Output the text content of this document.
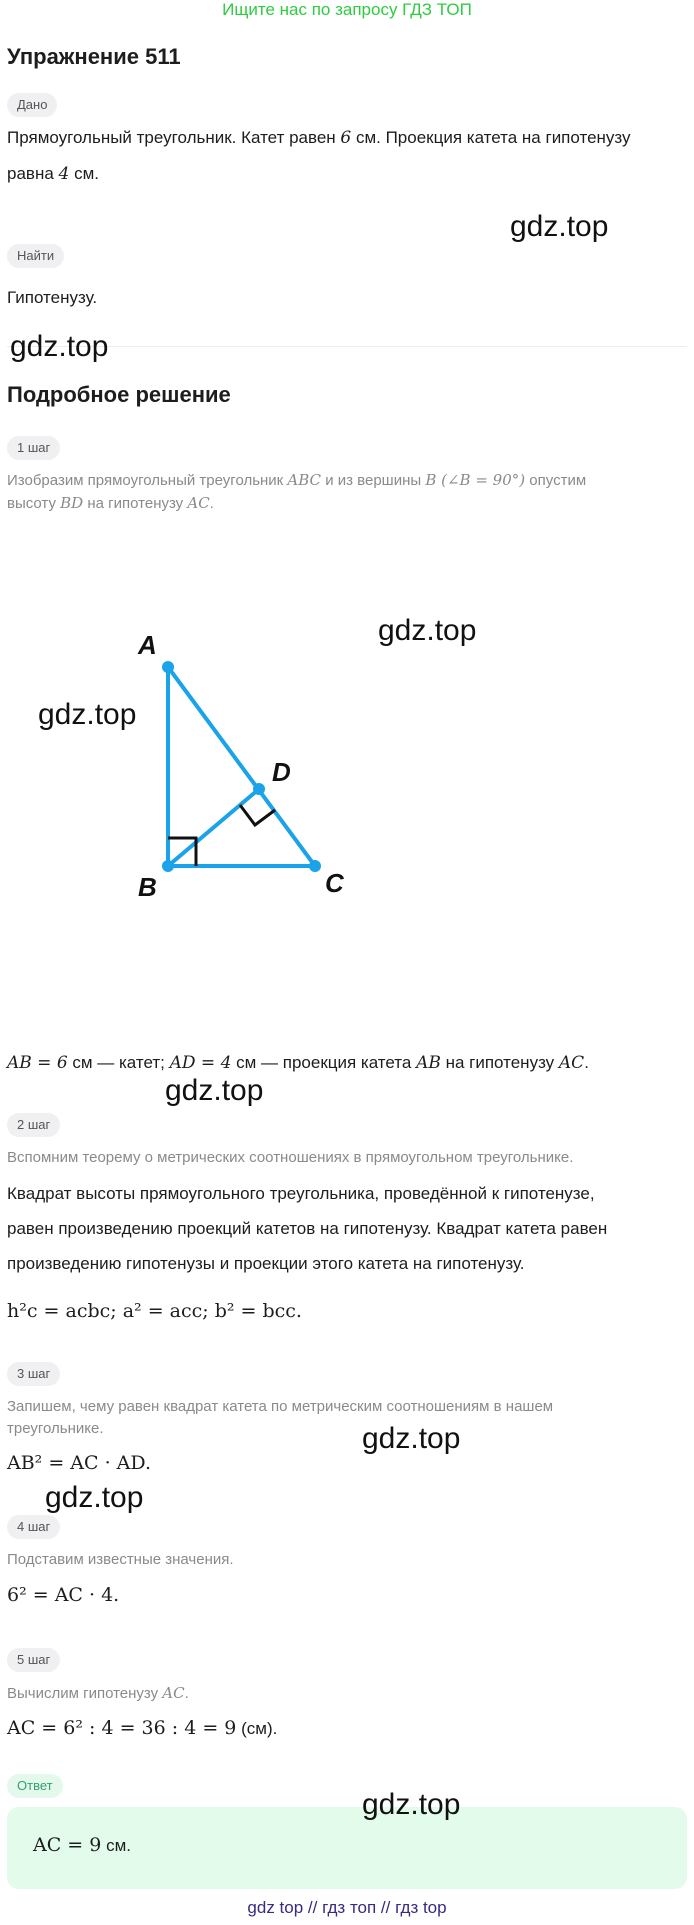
Ищите нас по запросу ГДЗ ТОП
Упражнение 511
Дано
Прямоугольный треугольник. Катет равен 6 см. Проекция катета на гипотенузу
равна 4 см.
Найти
Гипотенузу.
Подробное решение
1 шаг
Изобразим прямоугольный треугольник ABC и из вершины B (∠B = 90°) опустим
высоту BD на гипотенузу AC.
A
B	C
D
AB = 6 см — катет; AD = 4 см — проекция катета AB на гипотенузу AC.
2 шаг
Вспомним теорему о метрических соотношениях в прямоугольном треугольнике.
Квадрат высоты прямоугольного треугольника, проведённой к гипотенузе,
равен произведению проекций катетов на гипотенузу. Квадрат катета равен
произведению гипотенузы и проекции этого катета на гипотенузу.
h²c = acbc; a² = acc; b² = bcc.
3 шаг
Запишем, чему равен квадрат катета по метрическим соотношениям в нашем
треугольнике.
AB² = AC · AD.
4 шаг
Подставим известные значения.
6² = AC · 4.
5 шаг
Вычислим гипотенузу AC.
AC = 6² : 4 = 36 : 4 = 9 (см).
Ответ
AC = 9 см.
gdz.top
gdz.top
gdz.top
gdz.top
gdz.top
gdz.top
gdz.top
gdz.top
gdz top // гдз топ // гдз top
